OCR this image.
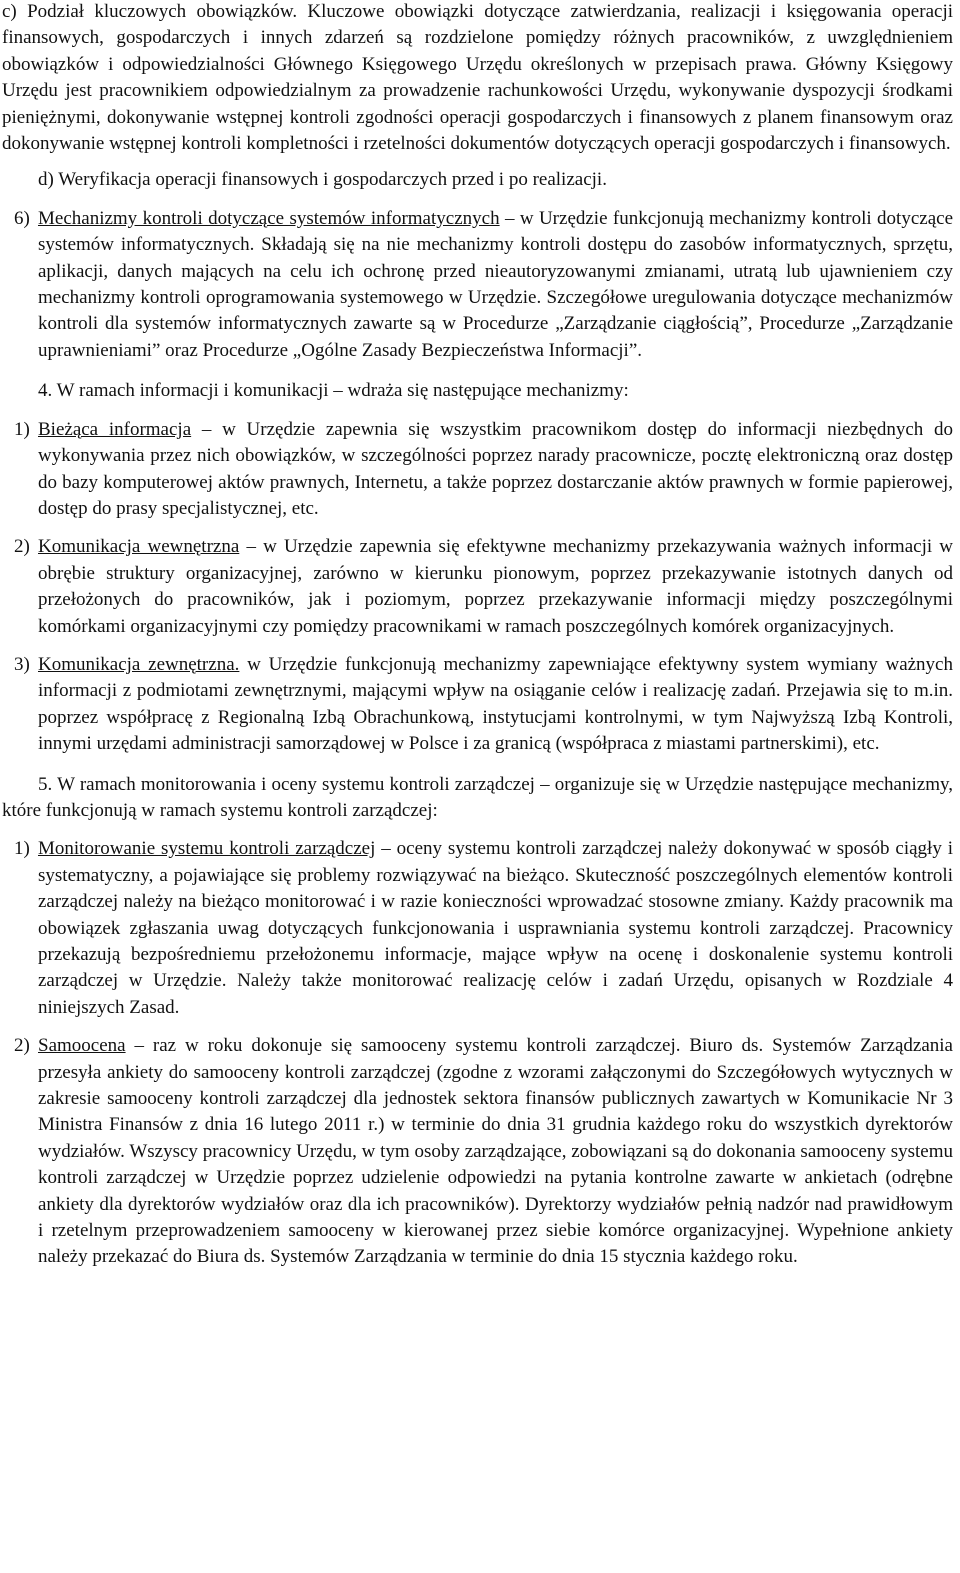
c) Podział kluczowych obowiązków. Kluczowe obowiązki dotyczące zatwierdzania, realizacji i księgowania operacji finansowych, gospodarczych i innych zdarzeń są rozdzielone pomiędzy różnych pracowników, z uwzględnieniem obowiązków i odpowiedzialności Głównego Księgowego Urzędu określonych w przepisach prawa. Główny Księgowy Urzędu jest pracownikiem odpowiedzialnym za prowadzenie rachunkowości Urzędu, wykonywanie dyspozycji środkami pieniężnymi, dokonywanie wstępnej kontroli zgodności operacji gospodarczych i finansowych z planem finansowym oraz dokonywanie wstępnej kontroli kompletności i rzetelności dokumentów dotyczących operacji gospodarczych i finansowych.

d) Weryfikacja operacji finansowych i gospodarczych przed i po realizacji.

6) Mechanizmy kontroli dotyczące systemów informatycznych – w Urzędzie funkcjonują mechanizmy kontroli dotyczące systemów informatycznych. Składają się na nie mechanizmy kontroli dostępu do zasobów informatycznych, sprzętu, aplikacji, danych mających na celu ich ochronę przed nieautoryzowanymi zmianami, utratą lub ujawnieniem czy mechanizmy kontroli oprogramowania systemowego w Urzędzie. Szczegółowe uregulowania dotyczące mechanizmów kontroli dla systemów informatycznych zawarte są w Procedurze „Zarządzanie ciągłością”, Procedurze „Zarządzanie uprawnieniami” oraz Procedurze „Ogólne Zasady Bezpieczeństwa Informacji”.

4. W ramach informacji i komunikacji – wdraża się następujące mechanizmy:

1) Bieżąca informacja – w Urzędzie zapewnia się wszystkim pracownikom dostęp do informacji niezbędnych do wykonywania przez nich obowiązków, w szczególności poprzez narady pracownicze, pocztę elektroniczną oraz dostęp do bazy komputerowej aktów prawnych, Internetu, a także poprzez dostarczanie aktów prawnych w formie papierowej, dostęp do prasy specjalistycznej, etc.

2) Komunikacja wewnętrzna – w Urzędzie zapewnia się efektywne mechanizmy przekazywania ważnych informacji w obrębie struktury organizacyjnej, zarówno w kierunku pionowym, poprzez przekazywanie istotnych danych od przełożonych do pracowników, jak i poziomym, poprzez przekazywanie informacji między poszczególnymi komórkami organizacyjnymi czy pomiędzy pracownikami w ramach poszczególnych komórek organizacyjnych.

3) Komunikacja zewnętrzna. w Urzędzie funkcjonują mechanizmy zapewniające efektywny system wymiany ważnych informacji z podmiotami zewnętrznymi, mającymi wpływ na osiąganie celów i realizację zadań. Przejawia się to m.in. poprzez współpracę z Regionalną Izbą Obrachunkową, instytucjami kontrolnymi, w tym Najwyższą Izbą Kontroli, innymi urzędami administracji samorządowej w Polsce i za granicą (współpraca z miastami partnerskimi), etc.

5. W ramach monitorowania i oceny systemu kontroli zarządczej – organizuje się w Urzędzie następujące mechanizmy, które funkcjonują w ramach systemu kontroli zarządczej:

1) Monitorowanie systemu kontroli zarządczej – oceny systemu kontroli zarządczej należy dokonywać w sposób ciągły i systematyczny, a pojawiające się problemy rozwiązywać na bieżąco. Skuteczność poszczególnych elementów kontroli zarządczej należy na bieżąco monitorować i w razie konieczności wprowadzać stosowne zmiany. Każdy pracownik ma obowiązek zgłaszania uwag dotyczących funkcjonowania i usprawniania systemu kontroli zarządczej. Pracownicy przekazują bezpośredniemu przełożonemu informacje, mające wpływ na ocenę i doskonalenie systemu kontroli zarządczej w Urzędzie. Należy także monitorować realizację celów i zadań Urzędu, opisanych w Rozdziale 4 niniejszych Zasad.

2) Samoocena – raz w roku dokonuje się samooceny systemu kontroli zarządczej. Biuro ds. Systemów Zarządzania przesyła ankiety do samooceny kontroli zarządczej (zgodne z wzorami załączonymi do Szczegółowych wytycznych w zakresie samooceny kontroli zarządczej dla jednostek sektora finansów publicznych zawartych w Komunikacie Nr 3 Ministra Finansów z dnia 16 lutego 2011 r.) w terminie do dnia 31 grudnia każdego roku do wszystkich dyrektorów wydziałów. Wszyscy pracownicy Urzędu, w tym osoby zarządzające, zobowiązani są do dokonania samooceny systemu kontroli zarządczej w Urzędzie poprzez udzielenie odpowiedzi na pytania kontrolne zawarte w ankietach (odrębne ankiety dla dyrektorów wydziałów oraz dla ich pracowników). Dyrektorzy wydziałów pełnią nadzór nad prawidłowym i rzetelnym przeprowadzeniem samooceny w kierowanej przez siebie komórce organizacyjnej. Wypełnione ankiety należy przekazać do Biura ds. Systemów Zarządzania w terminie do dnia 15 stycznia każdego roku.
